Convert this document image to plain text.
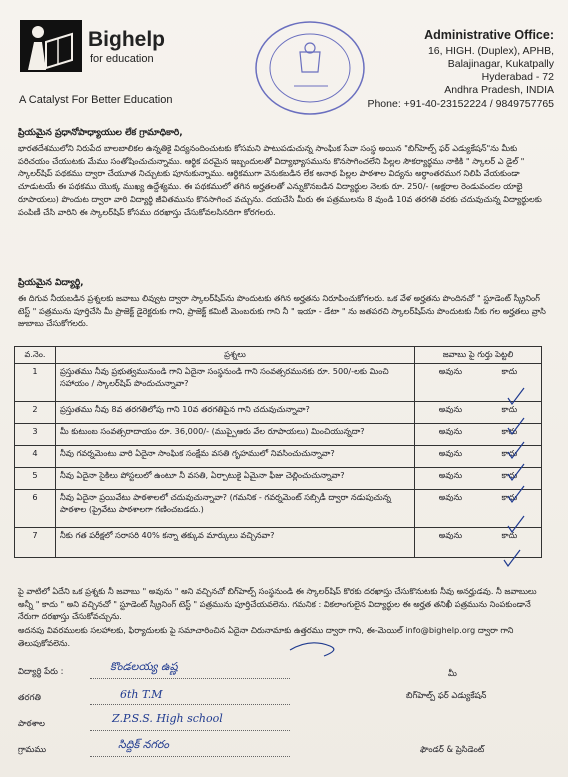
Bighelp
for education
A Catalyst For Better Education
Administrative Office:
16, HIGH. (Duplex), APHB,
Balajinagar, Kukatpally
Hyderabad - 72
Andhra Pradesh, INDIA
Phone: +91-40-23152224 / 9849757765
ప్రియమైన ప్రధానోపాధ్యాయుల లేక గ్రామాధికారి,
భారతదేశములోని నిరుపేద బాలబాలికల ఉన్నతికై విద్యనందించుటకు కోసమని పాటుపడుచున్న సాంఘిక సేవా సంస్థ అయిన "బిగ్‌హెల్ప్ ఫర్ ఎడ్యుకేషన్"ను మీకు పరిచయం చేయుటకు మేము సంతోషించుచున్నాము. ఆర్థిక పరమైన ఇబ్బందులతో విద్యాభ్యాసమును కొనసాగించలేని పిల్లల సౌకర్యార్థము నాకికి " స్కాలర్ ఎ డైల్ " స్కాలర్‌షిప్ పథకము ద్వారా చేయూత నిచ్చుటకు పూనుకున్నాము. ఆర్థికముగా వెనుకబడిన లేక అనాథ పిల్లల పాఠశాల విద్యను అర్థాంతరముగ నిలిపి వేయకుండా చూడుటయే ఈ పథకము యొక్క ముఖ్య ఉద్దేశ్యము. ఈ పథకములో తగిన అర్హతలతో ఎన్నుకొనబడిన విద్యార్థుల నెలకు రూ. 250/- (అక్షరాల రెండువందల యాభై రూపాయలు) పొందుట ద్వారా వారి విద్యార్థి జీవితమును కొనసాగించ వచ్చును. దయచేసి మీరు ఈ పత్రములను 8 వుండి 10వ తరగతి వరకు చదువుచున్న విద్యార్థులకు పంపిణీ చేసి వారిని ఈ స్కాలర్‌షిప్ కోసము దరఖాస్తు చేసుకోవలసినదిగా కోరగలరు.
ప్రియమైన విద్యార్థి,
ఈ దిగువ నీయబడిన ప్రశ్నలకు జవాబు లివ్వుట ద్వారా స్కాలర్‌షిప్‌ను పొందుటకు తగిన అర్హతను నిరూపించుకోగలరు. ఒక వేళ అర్హతను పొందినచో " స్టూడెంట్ స్క్రీనింగ్ టెస్ట్ " పత్రమును పూర్తిచేసి మీ ప్రాజెక్ట్ డైరెక్టరుకు గాని, ప్రాజెక్ట్ కమిటీ మెంబరుకు గాని నీ " ఇయా - డేటా " ను జతపరచి స్కాలర్‌షిప్‌ను పొందుటకు నీకు గల అర్హతలు వ్రాసి జుబాబు చేసుకోగలరు.
వ.నెం.	ప్రశ్నలు	జవాబు పై గుర్తు పెట్టలి
1	ప్రస్తుతము నీవు ప్రభుత్వమునుండి గాని ఏదైనా సంస్థనుండి గాని సంవత్సరమునకు రూ. 500/-లకు మించి సహాయం / స్కాలర్‌షిప్ పొందుచున్నావా?	అవును కాదు

2	ప్రస్తుతము నీవు 8వ తరగతిలోపు గాని 10వ తరగతిపైన గాని చదువుచున్నావా?	అవును కాదు

3	మీ కుటుంబ సంవత్సరాదాయం రూ. 36,000/- (ముప్పైఆరు వేల రూపాయలు) మించియున్నదా?	అవును కాదు

4	నీవు గవర్నమెంటు వారి ఏదైనా సాంఘిక సంక్షేమ వసతి గృహములో నివసించుచున్నావా?	అవును కాదు

5	నీవు ఏదైనా సైకిలు పోస్టలులో ఉంటూ నీ వసతి, ఏర్పాటుకై ఏమైనా ఫీజు చెల్లించుచున్నావా?	అవును కాదు

6	నీవు ఏదైనా ప్రయివేటు పాఠశాలలో చదువుచున్నావా? (గమనిక - గవర్నమెంట్ సబ్సిడీ ద్వారా నడుపుచున్న పాఠశాల (ప్రైవేటు పాఠశాలగా గణించబడదు.)	అవును కాదు

7	నీకు గత పరీక్షలో సరాసరి 40% కన్నా తక్కువ మార్కులు వచ్చినవా?	అవును కాదు
పై వాటిలో ఏదేని ఒక ప్రశ్నకు నీ జవాబు " అవును " అని వచ్చినచో బిగ్‌హెల్ప్ సంస్థనుండి ఈ స్కాలర్‌షిప్ కొరకు దరఖాస్తు చేసుకొనుటకు నీవు అనర్హుడవు. నీ జవాబులు అన్నీ " కాదు " అని వచ్చినచో " స్టూడెంట్ స్క్రీనింగ్ టెస్ట్ " పత్రమును పూర్తిచేయవలెను. గమనిక : వికలాంగులైన విద్యార్థుల ఈ అర్హత తనిఖీ పత్రమును నింపకుండానే నేరుగా దరఖాస్తు చేసుకోవచ్చును.
అదనపు వివరములకు సలహాలకు, ఫిర్యాదులకు పై సమాచారించిన ఏదైనా చిరునామాకు ఉత్తరము ద్వారా గాని, ఈ-మెయిల్ info@bighelp.org ద్వారా గాని తెలుపుకోవలెను.
విద్యార్థి పేరు :	కొండలయ్య ఉష్ణ
తరగతి	6th T.M
పాఠశాల	Z.P.S.S. High school
గ్రామము	సిద్దిక్ నగరం
మీ
బిగ్‌హెల్ప్ ఫర్ ఎడ్యుకేషన్
ఫౌండర్ & ప్రెసిడెంట్
